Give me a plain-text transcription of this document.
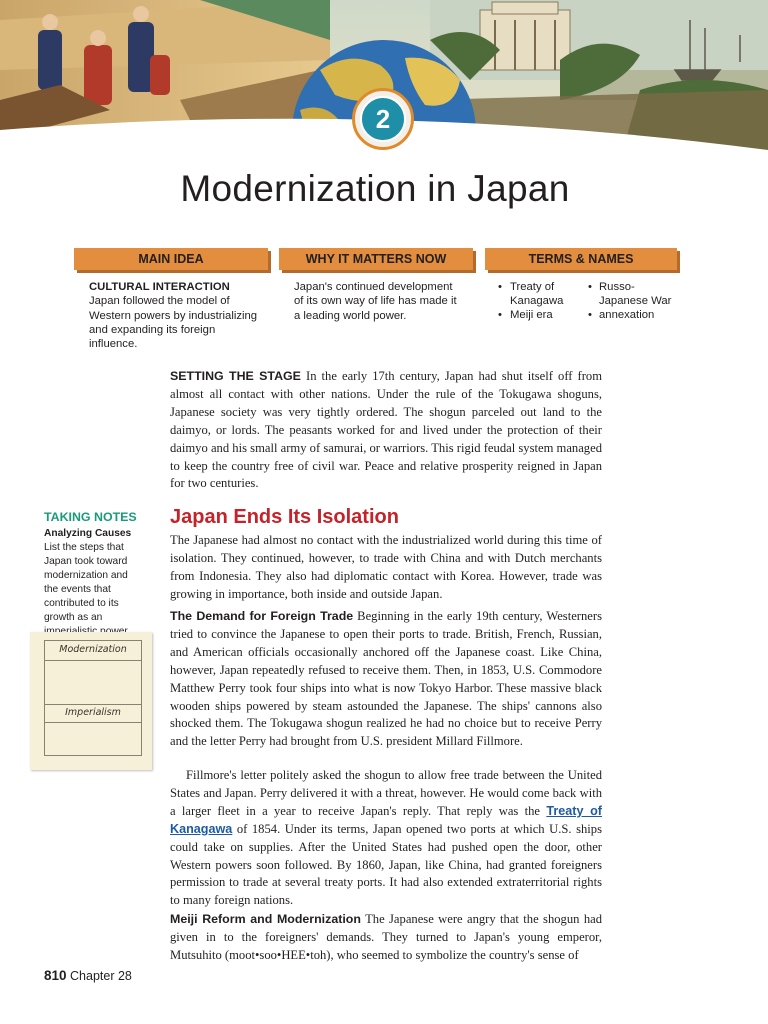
2
Modernization in Japan
MAIN IDEA	WHY IT MATTERS NOW	TERMS & NAMES
CULTURAL INTERACTION Japan followed the model of Western powers by industrializing and expanding its foreign influence.
Japan's continued development of its own way of life has made it a leading world power.
• Treaty of
Kanagawa
• Meiji era
• Russo-
Japanese War
• annexation
SETTING THE STAGE In the early 17th century, Japan had shut itself off from almost all contact with other nations. Under the rule of the Tokugawa shoguns, Japanese society was very tightly ordered. The shogun parceled out land to the daimyo, or lords. The peasants worked for and lived under the protection of their daimyo and his small army of samurai, or warriors. This rigid feudal system managed to keep the country free of civil war. Peace and relative prosperity reigned in Japan for two centuries.
TAKING NOTES
Analyzing Causes List the steps that Japan took toward modernization and the events that contributed to its growth as an
Modernization
Imperialism
Japan Ends Its Isolation
The Japanese had almost no contact with the industrialized world during this time of isolation. They continued, however, to trade with China and with Dutch merchants from Indonesia. They also had diplomatic contact with Korea. However, trade was growing in importance, both inside and outside Japan.
The Demand for Foreign Trade Beginning in the early 19th century, Westerners tried to convince the Japanese to open their ports to trade. British, French, Russian, and American officials occasionally anchored off the Japanese coast. Like China, however, Japan repeatedly refused to receive them. Then, in 1853, U.S. Commodore Matthew Perry took four ships into what is now Tokyo Harbor. These massive black wooden ships powered by steam astounded the Japanese. The ships' cannons also shocked them. The Tokugawa shogun realized he had no choice but to receive Perry and the letter Perry had brought from U.S. president Millard Fillmore.
Fillmore's letter politely asked the shogun to allow free trade between the United States and Japan. Perry delivered it with a threat, however. He would come back with a larger fleet in a year to receive Japan's reply. That reply was the Treaty of Kanagawa of 1854. Under its terms, Japan opened two ports at which U.S. ships could take on supplies. After the United States had pushed open the door, other Western powers soon followed. By 1860, Japan, like China, had granted foreigners permission to trade at several treaty ports. It had also extended extraterritorial rights to many foreign nations.
Meiji Reform and Modernization The Japanese were angry that the shogun had given in to the foreigners' demands. They turned to Japan's young emperor, Mutsuhito (moot•soo•HEE•toh), who seemed to symbolize the country's sense of
810 Chapter 28
